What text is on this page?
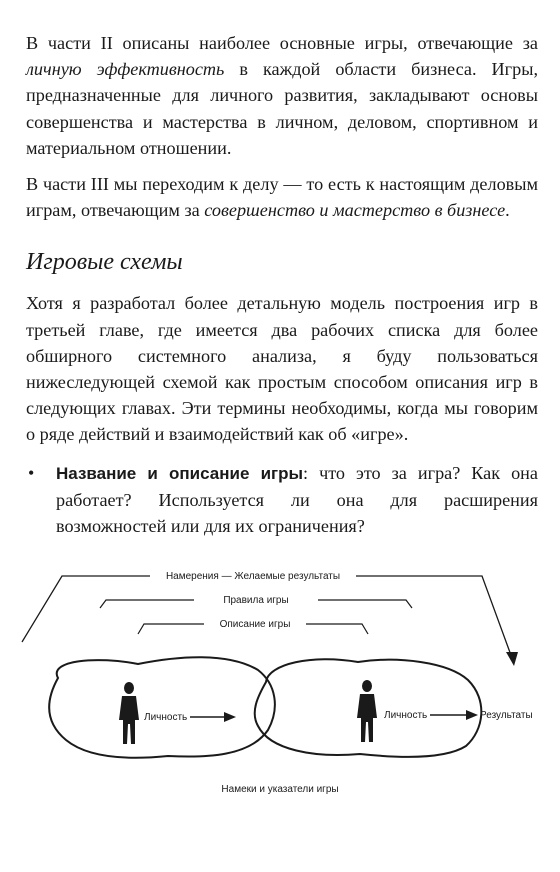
В части II описаны наиболее основные игры, отвечающие за личную эффективность в каждой области бизнеса. Игры, предназначенные для личного развития, закладывают основы совершенства и мастерства в личном, деловом, спортивном и материальном отношении.

В части III мы переходим к делу — то есть к настоящим деловым играм, отвечающим за совершенство и мастерство в бизнесе.

Игровые схемы

Хотя я разработал более детальную модель построения игр в третьей главе, где имеется два рабочих списка для более обширного системного анализа, я буду пользоваться нижеследующей схемой как простым способом описания игр в следующих главах. Эти термины необходимы, когда мы говорим о ряде действий и взаимодействий как об «игре».

•	Название и описание игры: что это за игра? Как она работает? Используется ли она для расширения возможностей или для их ограничения?
Намерения — Желаемые результаты
Правила игры
Описание игры
Личность	Личность	Результаты
Намеки и указатели игры
